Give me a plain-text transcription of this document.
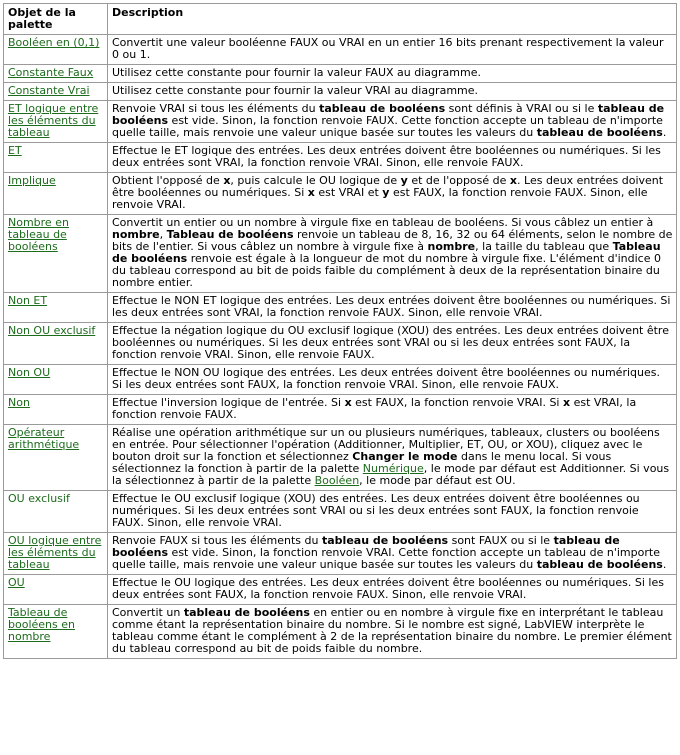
Objet de la palette	Description
Booléen en (0,1)	Convertit une valeur booléenne FAUX ou VRAI en un entier 16 bits prenant respectivement la valeur 0 ou 1.
Constante Faux	Utilisez cette constante pour fournir la valeur FAUX au diagramme.
Constante Vrai	Utilisez cette constante pour fournir la valeur VRAI au diagramme.
ET logique entre les éléments du tableau	Renvoie VRAI si tous les éléments du tableau de booléens sont définis à VRAI ou si le tableau de booléens est vide. Sinon, la fonction renvoie FAUX. Cette fonction accepte un tableau de n'importe quelle taille, mais renvoie une valeur unique basée sur toutes les valeurs du tableau de booléens.
ET	Effectue le ET logique des entrées. Les deux entrées doivent être booléennes ou numériques. Si les deux entrées sont VRAI, la fonction renvoie VRAI. Sinon, elle renvoie FAUX.
Implique	Obtient l'opposé de x, puis calcule le OU logique de y et de l'opposé de x. Les deux entrées doivent être booléennes ou numériques. Si x est VRAI et y est FAUX, la fonction renvoie FAUX. Sinon, elle renvoie VRAI.
Nombre en tableau de booléens	Convertit un entier ou un nombre à virgule fixe en tableau de booléens. Si vous câblez un entier à nombre, Tableau de booléens renvoie un tableau de 8, 16, 32 ou 64 éléments, selon le nombre de bits de l'entier. Si vous câblez un nombre à virgule fixe à nombre, la taille du tableau que Tableau de booléens renvoie est égale à la longueur de mot du nombre à virgule fixe. L'élément d'indice 0 du tableau correspond au bit de poids faible du complément à deux de la représentation binaire du nombre entier.
Non ET	Effectue le NON ET logique des entrées. Les deux entrées doivent être booléennes ou numériques. Si les deux entrées sont VRAI, la fonction renvoie FAUX. Sinon, elle renvoie VRAI.
Non OU exclusif	Effectue la négation logique du OU exclusif logique (XOU) des entrées. Les deux entrées doivent être booléennes ou numériques. Si les deux entrées sont VRAI ou si les deux entrées sont FAUX, la fonction renvoie VRAI. Sinon, elle renvoie FAUX.
Non OU	Effectue le NON OU logique des entrées. Les deux entrées doivent être booléennes ou numériques. Si les deux entrées sont FAUX, la fonction renvoie VRAI. Sinon, elle renvoie FAUX.
Non	Effectue l'inversion logique de l'entrée. Si x est FAUX, la fonction renvoie VRAI. Si x est VRAI, la fonction renvoie FAUX.
Opérateur arithmétique	Réalise une opération arithmétique sur un ou plusieurs numériques, tableaux, clusters ou booléens en entrée. Pour sélectionner l'opération (Additionner, Multiplier, ET, OU, or XOU), cliquez avec le bouton droit sur la fonction et sélectionnez Changer le mode dans le menu local. Si vous sélectionnez la fonction à partir de la palette Numérique, le mode par défaut est Additionner. Si vous la sélectionnez à partir de la palette Booléen, le mode par défaut est OU.
OU exclusif	Effectue le OU exclusif logique (XOU) des entrées. Les deux entrées doivent être booléennes ou numériques. Si les deux entrées sont VRAI ou si les deux entrées sont FAUX, la fonction renvoie FAUX. Sinon, elle renvoie VRAI.
OU logique entre les éléments du tableau	Renvoie FAUX si tous les éléments du tableau de booléens sont FAUX ou si le tableau de booléens est vide. Sinon, la fonction renvoie VRAI. Cette fonction accepte un tableau de n'importe quelle taille, mais renvoie une valeur unique basée sur toutes les valeurs du tableau de booléens.
OU	Effectue le OU logique des entrées. Les deux entrées doivent être booléennes ou numériques. Si les deux entrées sont FAUX, la fonction renvoie FAUX. Sinon, elle renvoie VRAI.
Tableau de booléens en nombre	Convertit un tableau de booléens en entier ou en nombre à virgule fixe en interprétant le tableau comme étant la représentation binaire du nombre. Si le nombre est signé, LabVIEW interprète le tableau comme étant le complément à 2 de la représentation binaire du nombre. Le premier élément du tableau correspond au bit de poids faible du nombre.
